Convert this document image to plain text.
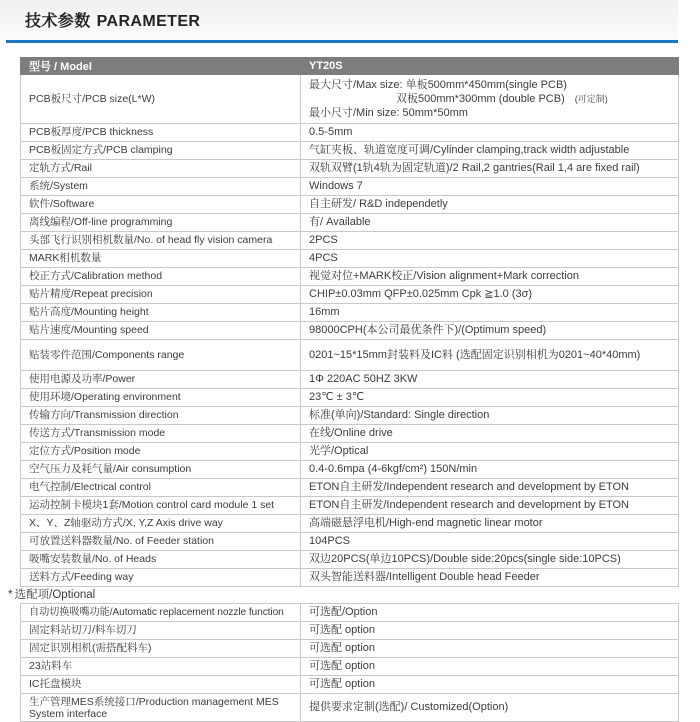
技术参数 PARAMETER
型号 / Model	YT20S
PCB板尺寸/PCB size(L*W)	最大尺寸/Max size: 单板500mm*450mm(single PCB)
双板500mm*300mm (double PCB) (可定制)
最小尺寸/Min size: 50mm*50mm

PCB板厚度/PCB thickness	0.5-5mm
PCB板固定方式/PCB clamping	气缸夹板、轨道宽度可调/Cylinder clamping,track width adjustable
定轨方式/Rail	双轨双臂(1轨4轨为固定轨道)/2 Rail,2 gantries(Rail 1,4 are fixed rail)
系统/System	Windows 7
软件/Software	自主研发/ R&D independetly
离线编程/Off-line programming	有/ Available
头部飞行识别相机数量/No. of head fly vision camera	2PCS
MARK相机数量	4PCS
校正方式/Calibration method	视觉对位+MARK校正/Vision alignment+Mark correction
贴片精度/Repeat precision	CHIP±0.03mm QFP±0.025mm Cpk ≧1.0 (3σ)
贴片高度/Mounting height	16mm
贴片速度/Mounting speed	98000CPH(本公司最优条件下)/(Optimum speed)
贴装零件范围/Components range	0201~15*15mm封装料及IC料 (选配固定识别相机为0201~40*40mm)
使用电源及功率/Power	1Φ 220AC 50HZ 3KW
使用环境/Operating environment	23℃ ± 3℃
传输方向/Transmission direction	标准(单向)/Standard: Single direction
传送方式/Transmission mode	在线/Online drive
定位方式/Position mode	光学/Optical
空气压力及耗气量/Air consumption	0.4-0.6mpa (4-6kgf/cm²) 150N/min
电气控制/Electrical control	ETON自主研发/Independent research and development by ETON
运动控制卡模块1套/Motion control card module 1 set	ETON自主研发/Independent research and development by ETON
X、Y、Z轴驱动方式/X, Y,Z Axis drive way	高端磁悬浮电机/High-end magnetic linear motor
可放置送料器数量/No. of Feeder station	104PCS
吸嘴安装数量/No. of Heads	双边20PCS(单边10PCS)/Double side:20pcs(single side:10PCS)
送料方式/Feeding way	双头智能送料器/Intelligent Double head Feeder
* 选配项/Optional
自动切换吸嘴功能/Automatic replacement nozzle function	可选配/Option
固定料站切刀/料车切刀	可选配 option
固定识别相机(需搭配料车)	可选配 option
23站料车	可选配 option
IC托盘模块	可选配 option
生产管理MES系统接口/Production management MES System interface	提供要求定制(选配)/ Customized(Option)
